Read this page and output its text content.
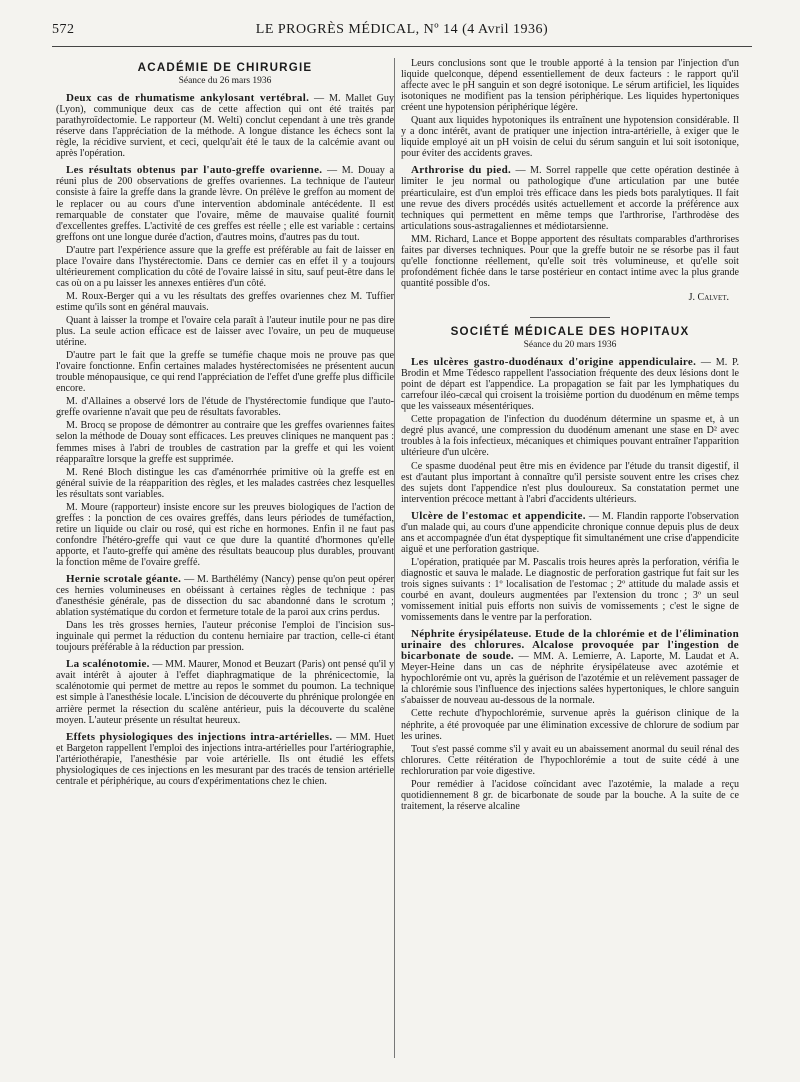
572	LE PROGRÈS MÉDICAL, Nº 14 (4 Avril 1936)
ACADÉMIE DE CHIRURGIE
Séance du 26 mars 1936

Deux cas de rhumatisme ankylosant vertébral. — M. Mallet Guy (Lyon), communique deux cas de cette affection qui ont été traités par parathyroïdectomie. Le rapporteur (M. Welti) conclut cependant à une très grande réserve dans l'appréciation de la méthode. A longue distance les échecs sont la règle, la récidive survient, et ceci, quelqu'ait été le taux de la calcémie avant ou après l'opération.

Les résultats obtenus par l'auto-greffe ovarienne. — M. Douay a réuni plus de 200 observations de greffes ovariennes. La technique de l'auteur consiste à faire la greffe dans la grande lèvre. On prélève le greffon au moment de le replacer ou au cours d'une intervention abdominale antécédente. Il est remarquable de constater que l'ovaire, même de mauvaise qualité fournit d'excellentes greffes. L'activité de ces greffes est réelle ; elle est variable : certains greffons ont une longue durée d'action, d'autres moins, d'autres pas du tout.

D'autre part l'expérience assure que la greffe est préférable au fait de laisser en place l'ovaire dans l'hystérectomie. Dans ce dernier cas en effet il y a toujours ultérieurement complication du côté de l'ovaire laissé in situ, sauf peut-être dans le cas où on a pu laisser les annexes entières d'un côté.

M. Roux-Berger qui a vu les résultats des greffes ovariennes chez M. Tuffier estime qu'ils sont en général mauvais.

Quant à laisser la trompe et l'ovaire cela paraît à l'auteur inutile pour ne pas dire plus. La seule action efficace est de laisser avec l'ovaire, un peu de muqueuse utérine.

D'autre part le fait que la greffe se tuméfie chaque mois ne prouve pas que l'ovaire fonctionne. Enfin certaines malades hystérectomisées ne présentent aucun trouble ménopausique, ce qui rend l'appréciation de l'effet d'une greffe plus difficile encore.

M. d'Allaines a observé lors de l'étude de l'hystérectomie fundique que l'auto-greffe ovarienne n'avait que peu de résultats favorables.

M. Brocq se propose de démontrer au contraire que les greffes ovariennes faites selon la méthode de Douay sont efficaces. Les preuves cliniques ne manquent pas : femmes mises à l'abri de troubles de castration par la greffe et qui les voient réapparaître lorsque la greffe est supprimée.

M. René Bloch distingue les cas d'aménorrhée primitive où la greffe est en général suivie de la réapparition des règles, et les malades castrées chez lesquelles les résultats sont variables.

M. Moure (rapporteur) insiste encore sur les preuves biologiques de l'action de greffes : la ponction de ces ovaires greffés, dans leurs périodes de tuméfaction, retire un liquide ou clair ou rosé, qui est riche en hormones. Enfin il ne faut pas confondre l'hétéro-greffe qui vaut ce que dure la quantité d'hormones qu'elle apporte, et l'auto-greffe qui amène des résultats beaucoup plus durables, prouvant la fonction même de l'ovaire greffé.

Hernie scrotale géante. — M. Barthélémy (Nancy) pense qu'on peut opérer ces hernies volumineuses en obéissant à certaines règles de technique : pas d'anesthésie générale, pas de dissection du sac abandonné dans le scrotum ; ablation systématique du cordon et fermeture totale de la paroi aux crins perdus.

Dans les très grosses hernies, l'auteur préconise l'emploi de l'incision sus-inguinale qui permet la réduction du contenu herniaire par traction, celle-ci étant toujours préférable à la réduction par pression.

La scalénotomie. — MM. Maurer, Monod et Beuzart (Paris) ont pensé qu'il y avait intérêt à ajouter à l'effet diaphragmatique de la phrénicectomie, la scalénotomie qui permet de mettre au repos le sommet du poumon. La technique est simple à l'anesthésie locale. L'incision de découverte du phrénique prolongée en arrière permet la résection du scalène antérieur, puis la découverte du scalène moyen. L'auteur présente un résultat heureux.

Effets physiologiques des injections intra-artérielles. — MM. Huet et Bargeton rappellent l'emploi des injections intra-artérielles pour l'artériographie, l'artériothérapie, l'anesthésie par voie artérielle. Ils ont étudié les effets physiologiques de ces injections en les mesurant par des tracés de tension artérielle centrale et périphérique, au cours d'expérimentations chez le chien.

Leurs conclusions sont que le trouble apporté à la tension par l'injection d'un liquide quelconque, dépend essentiellement de deux facteurs : le rapport qu'il affecte avec le pH sanguin et son degré isotonique. Le sérum artificiel, les liquides isotoniques ne modifient pas la tension périphérique. Les liquides hypertoniques créent une hypotension périphérique légère.

Quant aux liquides hypotoniques ils entraînent une hypotension considérable. Il y a donc intérêt, avant de pratiquer une injection intra-artérielle, à exiger que le liquide employé ait un pH voisin de celui du sérum sanguin et lui soit isotonique, pour éviter des accidents graves.

Arthrorise du pied. — M. Sorrel rappelle que cette opération destinée à limiter le jeu normal ou pathologique d'une articulation par une butée préarticulaire, est d'un emploi très efficace dans les pieds bots paralytiques. Il fait une revue des divers procédés usités actuellement et accorde la préférence aux techniques qui permettent en même temps que l'arthrorise, l'arthrodèse des articulations sous-astragaliennes et médiotarsienne.

MM. Richard, Lance et Boppe apportent des résultats comparables d'arthrorises faites par diverses techniques. Pour que la greffe butoir ne se résorbe pas il faut qu'elle fonctionne réellement, qu'elle soit très volumineuse, et qu'elle soit profondément fichée dans le tarse postérieur en contact intime avec la plus grande quantité possible d'os.

J. Calvet.
SOCIÉTÉ MÉDICALE DES HOPITAUX
Séance du 20 mars 1936

Les ulcères gastro-duodénaux d'origine appendiculaire. — M. P. Brodin et Mme Tédesco rappellent l'association fréquente des deux lésions dont le point de départ est l'appendice. La propagation se fait par les lymphatiques du carrefour iléo-cæcal qui croisent la troisième portion du duodénum en même temps que les vaisseaux mésentériques.

Cette propagation de l'infection du duodénum détermine un spasme et, à un degré plus avancé, une compression du duodénum amenant une stase en D² avec troubles à la fois infectieux, mécaniques et chimiques pouvant entraîner l'apparition ultérieure d'un ulcère.

Ce spasme duodénal peut être mis en évidence par l'étude du transit digestif, il est d'autant plus important à connaître qu'il persiste souvent entre les crises chez des sujets dont l'appendice n'est plus douloureux. Sa constatation permet une intervention précoce mettant à l'abri d'accidents ultérieurs.

Ulcère de l'estomac et appendicite. — M. Flandin rapporte l'observation d'un malade qui, au cours d'une appendicite chronique connue depuis plus de deux ans et accompagnée d'un état dyspeptique fit simultanément une crise d'appendicite aiguë et une perforation gastrique.

L'opération, pratiquée par M. Pascalis trois heures après la perforation, vérifia le diagnostic et sauva le malade. Le diagnostic de perforation gastrique fut fait sur les trois signes suivants : 1º localisation de l'estomac ; 2º attitude du malade assis et courbé en avant, douleurs augmentées par l'extension du tronc ; 3º un seul vomissement initial puis efforts non suivis de vomissements ; c'est le signe de vomissements dans le ventre par la perforation.

Néphrite érysipélateuse. Etude de la chlorémie et de l'élimination urinaire des chlorures. Alcalose provoquée par l'ingestion de bicarbonate de soude. — MM. A. Lemierre, A. Laporte, M. Laudat et A. Meyer-Heine dans un cas de néphrite érysipélateuse avec azotémie et hypochlorémie ont vu, après la guérison de l'azotémie et un relèvement passager de la chlorémie sous l'influence des injections salées hypertoniques, le chlore sanguin s'abaisser de nouveau au-dessous de la normale.

Cette rechute d'hypochlorémie, survenue après la guérison clinique de la néphrite, a été provoquée par une élimination excessive de chlorure de sodium par les urines.

Tout s'est passé comme s'il y avait eu un abaissement anormal du seuil rénal des chlorures. Cette réitération de l'hypochlorémie a tout de suite cédé à une rechloruration par voie digestive.

Pour remédier à l'acidose coïncidant avec l'azotémie, la malade a reçu quotidiennement 8 gr. de bicarbonate de soude par la bouche. A la suite de ce traitement, la réserve alcaline
